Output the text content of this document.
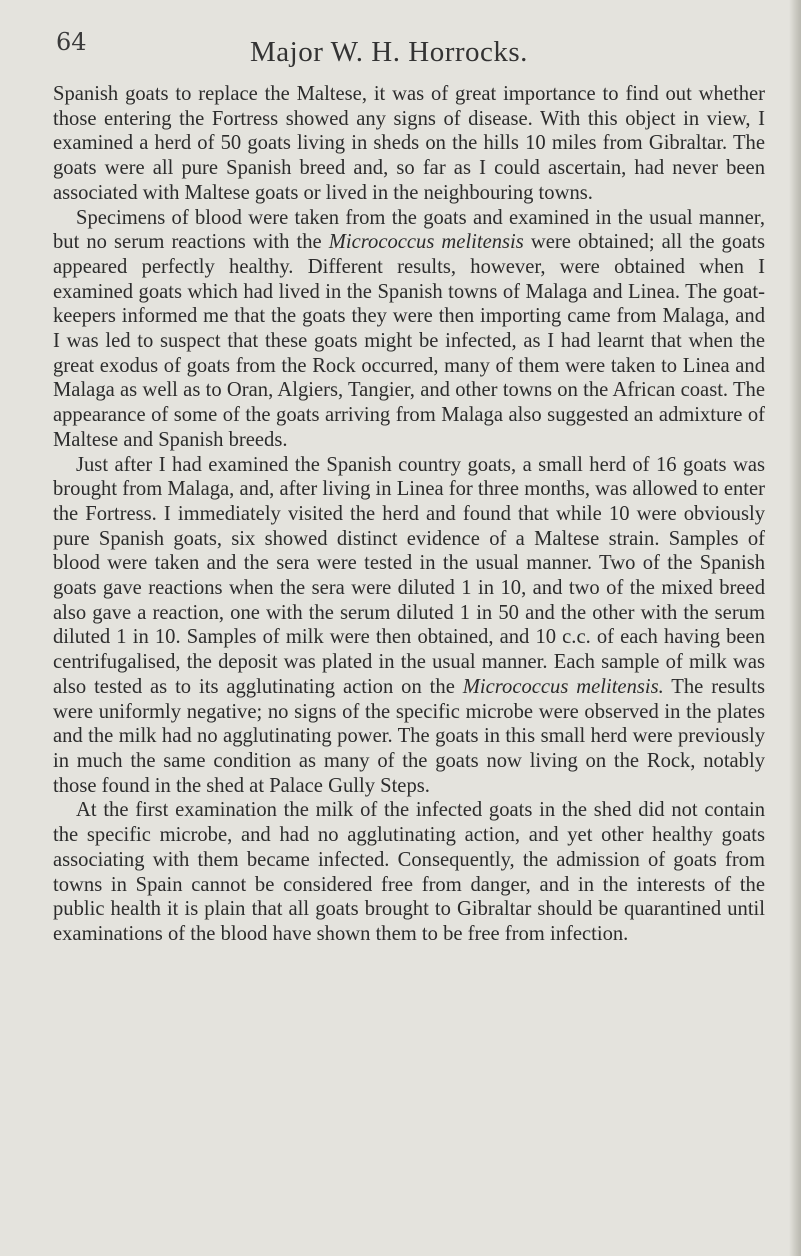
64	Major W. H. Horrocks.

Spanish goats to replace the Maltese, it was of great importance to find out whether those entering the Fortress showed any signs of disease. With this object in view, I examined a herd of 50 goats living in sheds on the hills 10 miles from Gibraltar. The goats were all pure Spanish breed and, so far as I could ascertain, had never been associated with Maltese goats or lived in the neighbouring towns.

Specimens of blood were taken from the goats and examined in the usual manner, but no serum reactions with the Micrococcus melitensis were obtained; all the goats appeared perfectly healthy. Different results, however, were obtained when I examined goats which had lived in the Spanish towns of Malaga and Linea. The goat-keepers informed me that the goats they were then importing came from Malaga, and I was led to suspect that these goats might be infected, as I had learnt that when the great exodus of goats from the Rock occurred, many of them were taken to Linea and Malaga as well as to Oran, Algiers, Tangier, and other towns on the African coast. The appearance of some of the goats arriving from Malaga also suggested an admixture of Maltese and Spanish breeds.

Just after I had examined the Spanish country goats, a small herd of 16 goats was brought from Malaga, and, after living in Linea for three months, was allowed to enter the Fortress. I immediately visited the herd and found that while 10 were obviously pure Spanish goats, six showed distinct evidence of a Maltese strain. Samples of blood were taken and the sera were tested in the usual manner. Two of the Spanish goats gave reactions when the sera were diluted 1 in 10, and two of the mixed breed also gave a reaction, one with the serum diluted 1 in 50 and the other with the serum diluted 1 in 10. Samples of milk were then obtained, and 10 c.c. of each having been centrifugalised, the deposit was plated in the usual manner. Each sample of milk was also tested as to its agglutinating action on the Micrococcus melitensis. The results were uniformly negative; no signs of the specific microbe were observed in the plates and the milk had no agglutinating power. The goats in this small herd were previously in much the same condition as many of the goats now living on the Rock, notably those found in the shed at Palace Gully Steps.

At the first examination the milk of the infected goats in the shed did not contain the specific microbe, and had no agglutinating action, and yet other healthy goats associating with them became infected. Consequently, the admission of goats from towns in Spain cannot be considered free from danger, and in the interests of the public health it is plain that all goats brought to Gibraltar should be quarantined until examinations of the blood have shown them to be free from infection.
